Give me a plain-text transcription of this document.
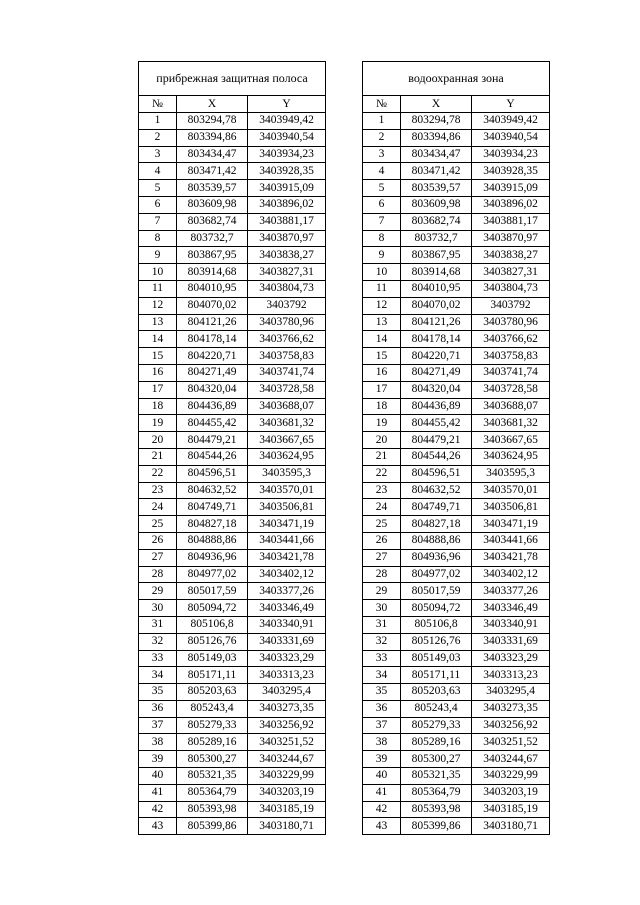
прибрежная защитная полоса		
№	X	Y
1	803294,78	3403949,42
2	803394,86	3403940,54
3	803434,47	3403934,23
4	803471,42	3403928,35
5	803539,57	3403915,09
6	803609,98	3403896,02
7	803682,74	3403881,17
8	803732,7	3403870,97
9	803867,95	3403838,27
10	803914,68	3403827,31
11	804010,95	3403804,73
12	804070,02	3403792
13	804121,26	3403780,96
14	804178,14	3403766,62
15	804220,71	3403758,83
16	804271,49	3403741,74
17	804320,04	3403728,58
18	804436,89	3403688,07
19	804455,42	3403681,32
20	804479,21	3403667,65
21	804544,26	3403624,95
22	804596,51	3403595,3
23	804632,52	3403570,01
24	804749,71	3403506,81
25	804827,18	3403471,19
26	804888,86	3403441,66
27	804936,96	3403421,78
28	804977,02	3403402,12
29	805017,59	3403377,26
30	805094,72	3403346,49
31	805106,8	3403340,91
32	805126,76	3403331,69
33	805149,03	3403323,29
34	805171,11	3403313,23
35	805203,63	3403295,4
36	805243,4	3403273,35
37	805279,33	3403256,92
38	805289,16	3403251,52
39	805300,27	3403244,67
40	805321,35	3403229,99
41	805364,79	3403203,19
42	805393,98	3403185,19
43	805399,86	3403180,71
водоохранная зона		
№	X	Y
1	803294,78	3403949,42
2	803394,86	3403940,54
3	803434,47	3403934,23
4	803471,42	3403928,35
5	803539,57	3403915,09
6	803609,98	3403896,02
7	803682,74	3403881,17
8	803732,7	3403870,97
9	803867,95	3403838,27
10	803914,68	3403827,31
11	804010,95	3403804,73
12	804070,02	3403792
13	804121,26	3403780,96
14	804178,14	3403766,62
15	804220,71	3403758,83
16	804271,49	3403741,74
17	804320,04	3403728,58
18	804436,89	3403688,07
19	804455,42	3403681,32
20	804479,21	3403667,65
21	804544,26	3403624,95
22	804596,51	3403595,3
23	804632,52	3403570,01
24	804749,71	3403506,81
25	804827,18	3403471,19
26	804888,86	3403441,66
27	804936,96	3403421,78
28	804977,02	3403402,12
29	805017,59	3403377,26
30	805094,72	3403346,49
31	805106,8	3403340,91
32	805126,76	3403331,69
33	805149,03	3403323,29
34	805171,11	3403313,23
35	805203,63	3403295,4
36	805243,4	3403273,35
37	805279,33	3403256,92
38	805289,16	3403251,52
39	805300,27	3403244,67
40	805321,35	3403229,99
41	805364,79	3403203,19
42	805393,98	3403185,19
43	805399,86	3403180,71
